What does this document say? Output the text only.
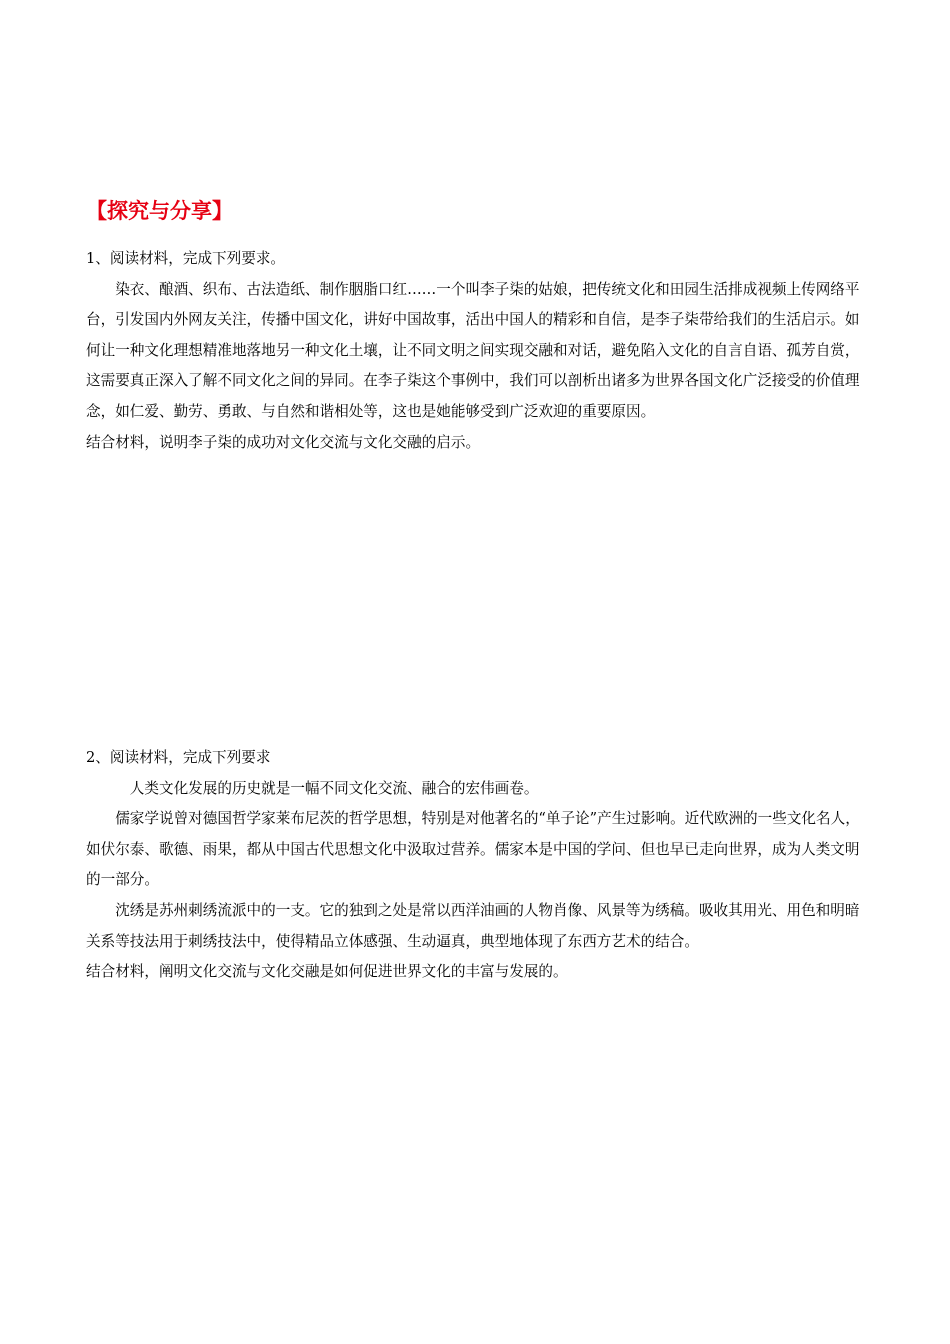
【探究与分享】

1、阅读材料，完成下列要求。

染衣、酿酒、织布、古法造纸、制作胭脂口红……一个叫李子柒的姑娘，把传统文化和田园生活排成视频上传网络平台，引发国内外网友关注，传播中国文化，讲好中国故事，活出中国人的精彩和自信，是李子柒带给我们的生活启示。如何让一种文化理想精准地落地另一种文化土壤，让不同文明之间实现交融和对话，避免陷入文化的自言自语、孤芳自赏，这需要真正深入了解不同文化之间的异同。在李子柒这个事例中，我们可以剖析出诸多为世界各国文化广泛接受的价值理念，如仁爱、勤劳、勇敢、与自然和谐相处等，这也是她能够受到广泛欢迎的重要原因。

结合材料，说明李子柒的成功对文化交流与文化交融的启示。

2、阅读材料，完成下列要求

人类文化发展的历史就是一幅不同文化交流、融合的宏伟画卷。

儒家学说曾对德国哲学家莱布尼茨的哲学思想，特别是对他著名的“单子论”产生过影响。近代欧洲的一些文化名人，如伏尔泰、歌德、雨果，都从中国古代思想文化中汲取过营养。儒家本是中国的学问、但也早已走向世界，成为人类文明的一部分。

沈绣是苏州刺绣流派中的一支。它的独到之处是常以西洋油画的人物肖像、风景等为绣稿。吸收其用光、用色和明暗关系等技法用于刺绣技法中，使得精品立体感强、生动逼真，典型地体现了东西方艺术的结合。

结合材料，阐明文化交流与文化交融是如何促进世界文化的丰富与发展的。
